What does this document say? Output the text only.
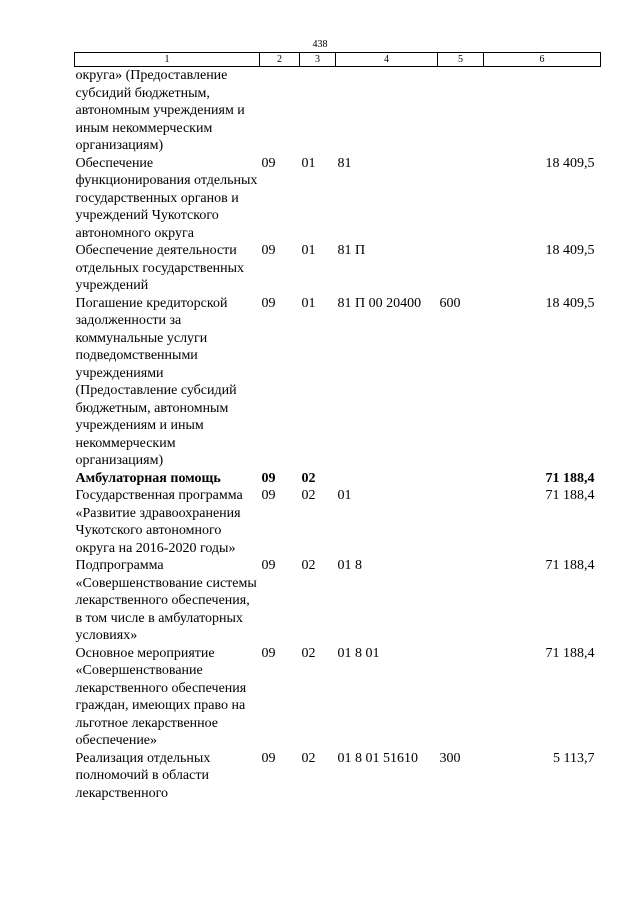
438
1	2	3	4	5	6
округа» (Предоставление субсидий бюджетным, автономным учреждениям и иным некоммерческим организациям)					
Обеспечение функционирования отдельных государственных органов и учреждений Чукотского автономного округа	09	01	81		18 409,5
Обеспечение деятельности отдельных государственных учреждений	09	01	81 П		18 409,5
Погашение кредиторской задолженности за коммунальные услуги подведомственными учреждениями (Предоставление субсидий бюджетным, автономным учреждениям и иным некоммерческим организациям)	09	01	81 П 00 20400	600	18 409,5
Амбулаторная помощь	09	02			71 188,4
Государственная программа «Развитие здравоохранения Чукотского автономного округа на 2016-2020 годы»	09	02	01		71 188,4
Подпрограмма «Совершенствование системы лекарственного обеспечения, в том числе в амбулаторных условиях»	09	02	01 8		71 188,4
Основное мероприятие «Совершенствование лекарственного обеспечения граждан, имеющих право на льготное лекарственное обеспечение»	09	02	01 8 01		71 188,4
Реализация отдельных полномочий в области лекарственного	09	02	01 8 01 51610	300	5 113,7
